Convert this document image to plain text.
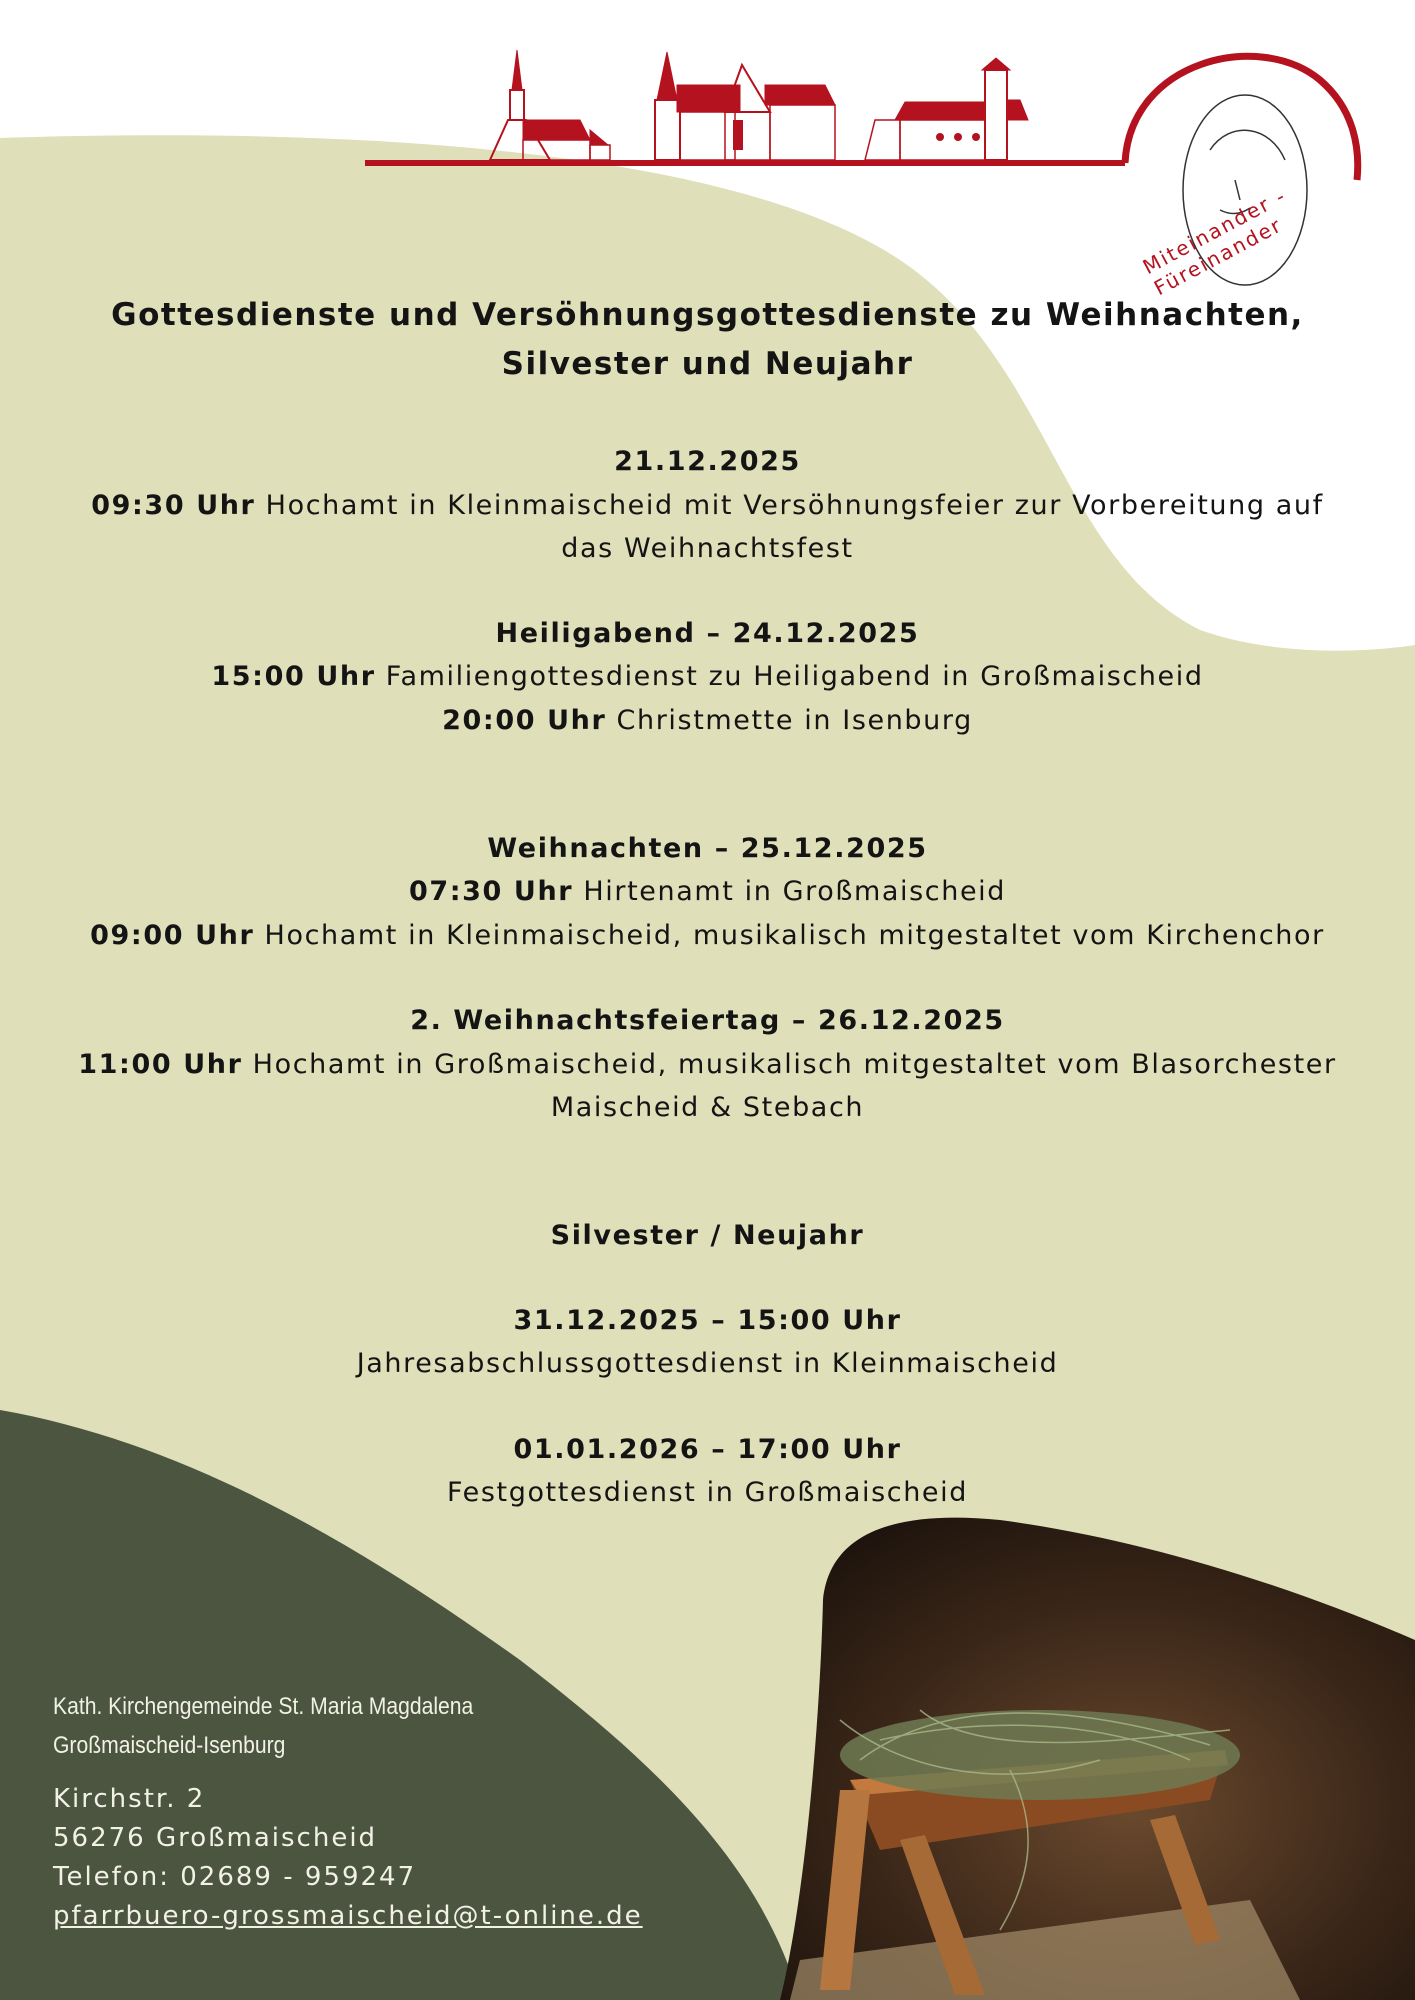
Miteinander - Füreinander
Gottesdienste und Versöhnungsgottesdienste zu Weihnachten,
Silvester und Neujahr
21.12.2025
09:30 Uhr Hochamt in Kleinmaischeid mit Versöhnungsfeier zur Vorbereitung auf
das Weihnachtsfest
Heiligabend – 24.12.2025
15:00 Uhr Familiengottesdienst zu Heiligabend in Großmaischeid
20:00 Uhr Christmette in Isenburg
Weihnachten – 25.12.2025
07:30 Uhr Hirtenamt in Großmaischeid
09:00 Uhr Hochamt in Kleinmaischeid, musikalisch mitgestaltet vom Kirchenchor
2. Weihnachtsfeiertag – 26.12.2025
11:00 Uhr Hochamt in Großmaischeid, musikalisch mitgestaltet vom Blasorchester
Maischeid & Stebach
Silvester / Neujahr
31.12.2025 – 15:00 Uhr
Jahresabschlussgottesdienst in Kleinmaischeid
01.01.2026 – 17:00 Uhr
Festgottesdienst in Großmaischeid
Kath. Kirchengemeinde St. Maria Magdalena
Großmaischeid-Isenburg
Kirchstr. 2
56276 Großmaischeid
Telefon: 02689 - 959247
pfarrbuero-grossmaischeid@t-online.de
